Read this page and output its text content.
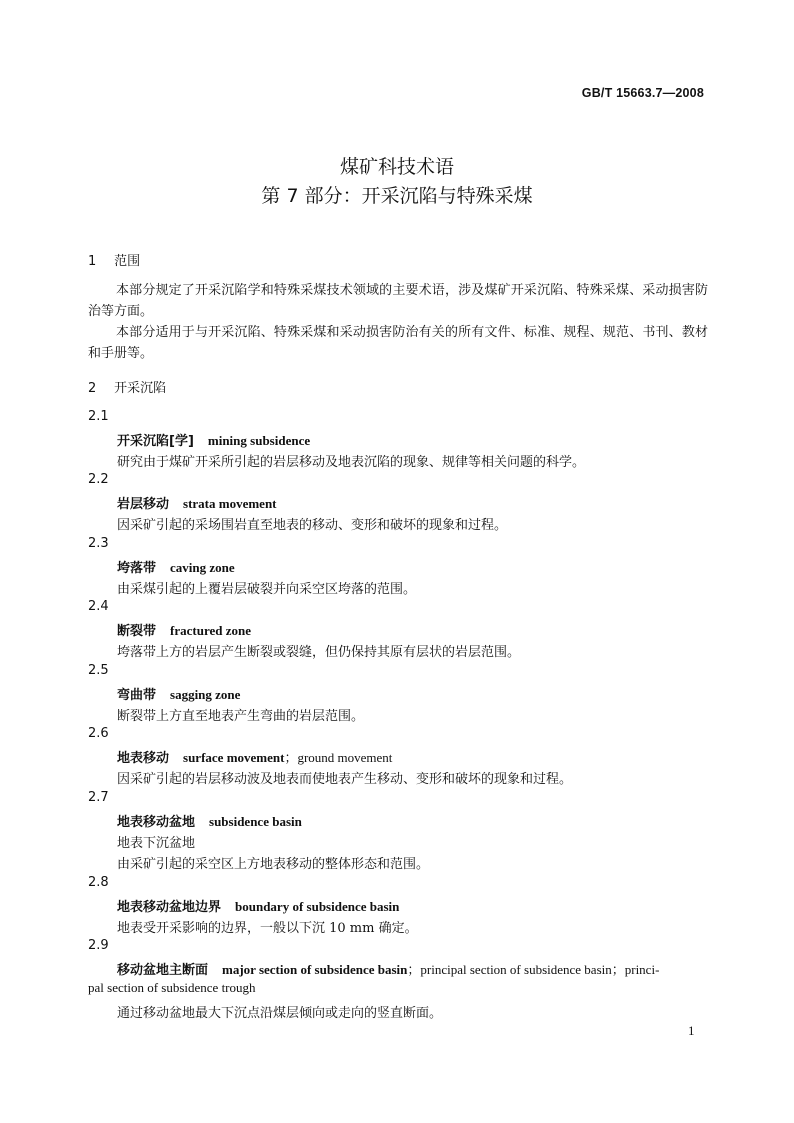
GB/T 15663.7—2008
煤矿科技术语
第 7 部分：开采沉陷与特殊采煤
1 范围
本部分规定了开采沉陷学和特殊采煤技术领域的主要术语，涉及煤矿开采沉陷、特殊采煤、采动损害防治等方面。
本部分适用于与开采沉陷、特殊采煤和采动损害防治有关的所有文件、标准、规程、规范、书刊、教材和手册等。
2 开采沉陷
2.1
开采沉陷[学] mining subsidence
研究由于煤矿开采所引起的岩层移动及地表沉陷的现象、规律等相关问题的科学。
2.2
岩层移动 strata movement
因采矿引起的采场围岩直至地表的移动、变形和破坏的现象和过程。
2.3
垮落带 caving zone
由采煤引起的上覆岩层破裂并向采空区垮落的范围。
2.4
断裂带 fractured zone
垮落带上方的岩层产生断裂或裂缝，但仍保持其原有层状的岩层范围。
2.5
弯曲带 sagging zone
断裂带上方直至地表产生弯曲的岩层范围。
2.6
地表移动 surface movement；ground movement
因采矿引起的岩层移动波及地表而使地表产生移动、变形和破坏的现象和过程。
2.7
地表移动盆地 subsidence basin
地表下沉盆地
由采矿引起的采空区上方地表移动的整体形态和范围。
2.8
地表移动盆地边界 boundary of subsidence basin
地表受开采影响的边界，一般以下沉 10 mm 确定。
2.9
移动盆地主断面 major section of subsidence basin；principal section of subsidence basin；princi-
pal section of subsidence trough
通过移动盆地最大下沉点沿煤层倾向或走向的竖直断面。
1
